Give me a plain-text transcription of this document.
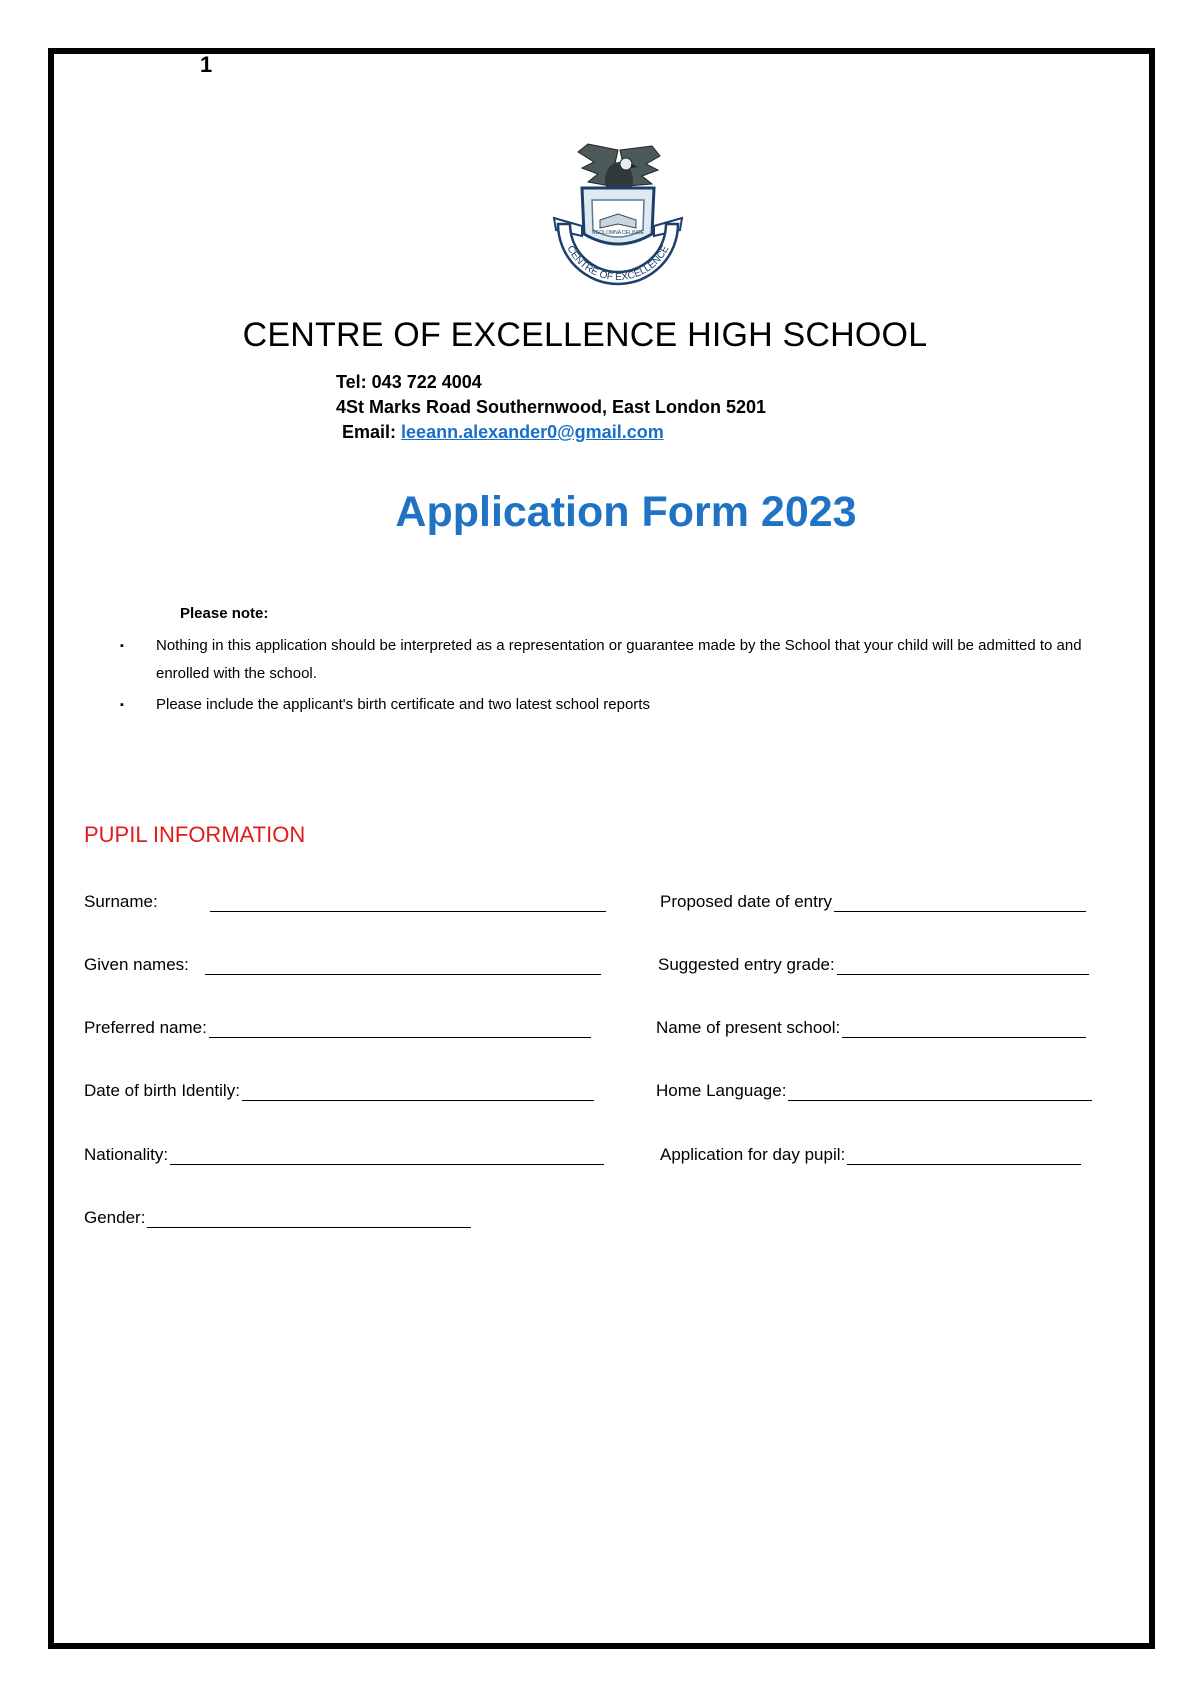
1
CENTRE OF EXCELLENCE
NGOLOMNA DELINGE
CENTRE OF EXCELLENCE HIGH SCHOOL
Tel: 043 722 4004
4St Marks Road Southernwood, East London 5201
Email: leeann.alexander0@gmail.com
Application Form 2023
Please note:
▪ Nothing in this application should be interpreted as a representation or guarantee made by the School that your child will be admitted to and enrolled with the school.
▪ Please include the applicant's birth certificate and two latest school reports
PUPIL INFORMATION
Surname:
Given names:
Preferred name:
Date of birth Identily:
Nationality:
Gender:
Proposed date of entry
Suggested entry grade:
Name of present school:
Home Language:
Application for day pupil:
